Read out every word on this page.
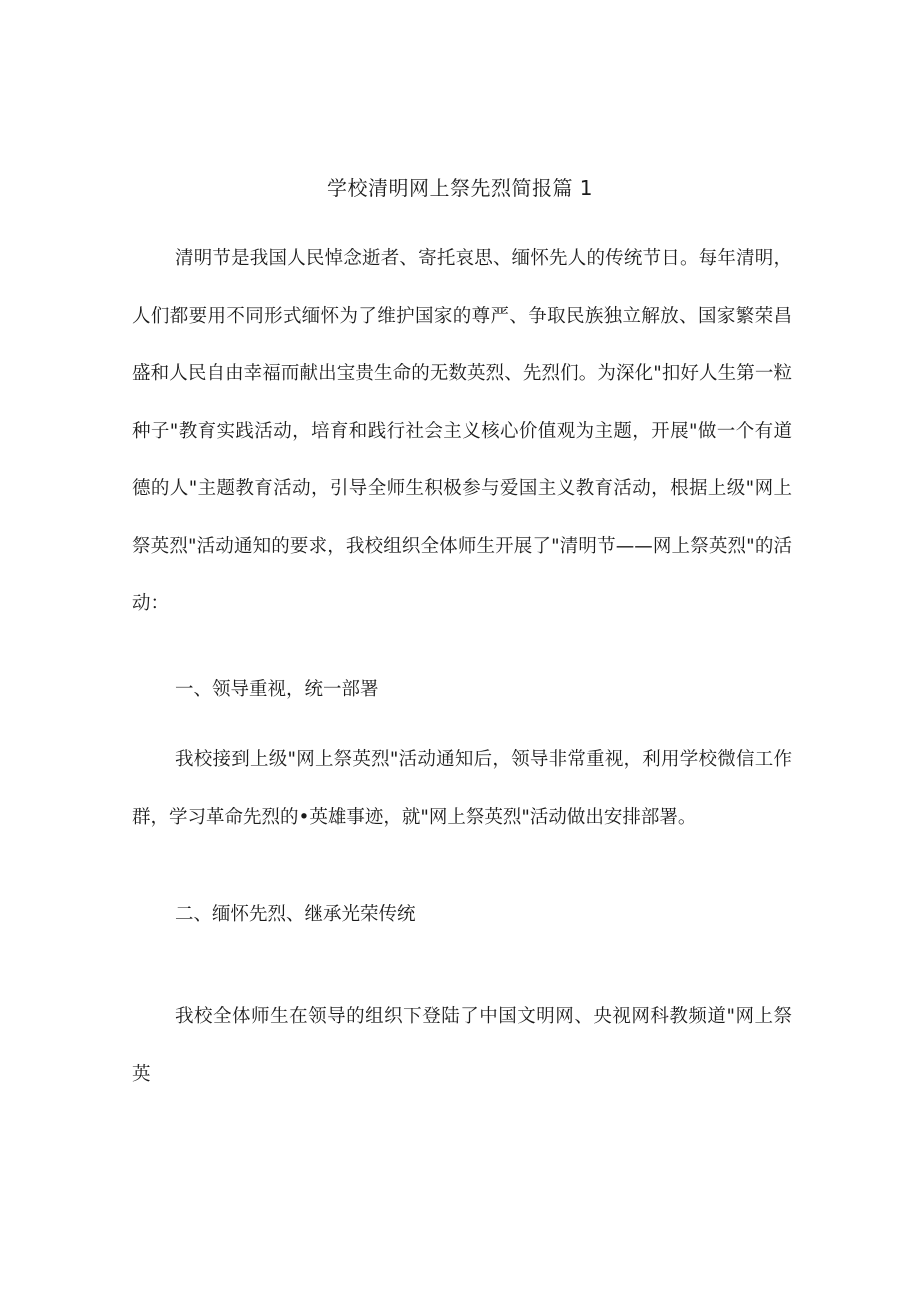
学校清明网上祭先烈简报篇 1

清明节是我国人民悼念逝者、寄托哀思、缅怀先人的传统节日。每年清明，人们都要用不同形式缅怀为了维护国家的尊严、争取民族独立解放、国家繁荣昌盛和人民自由幸福而献出宝贵生命的无数英烈、先烈们。为深化"扣好人生第一粒种子"教育实践活动，培育和践行社会主义核心价值观为主题，开展"做一个有道德的人"主题教育活动，引导全师生积极参与爱国主义教育活动，根据上级"网上祭英烈"活动通知的要求，我校组织全体师生开展了"清明节——网上祭英烈"的活动：

一、领导重视，统一部署

我校接到上级"网上祭英烈"活动通知后，领导非常重视，利用学校微信工作群，学习革命先烈的•英雄事迹，就"网上祭英烈"活动做出安排部署。

二、缅怀先烈、继承光荣传统

我校全体师生在领导的组织下登陆了中国文明网、央视网科教频道"网上祭英
